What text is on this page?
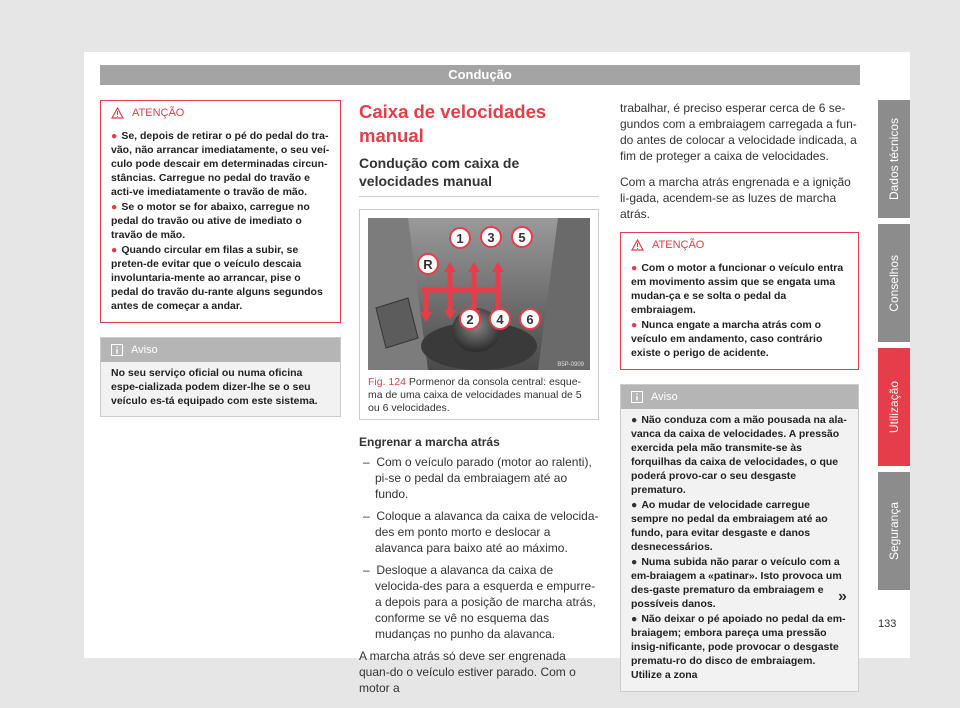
Condução
ATENÇÃO

● Se, depois de retirar o pé do pedal do tra-vão, não arrancar imediatamente, o seu veí-culo pode descair em determinadas circun-stâncias. Carregue no pedal do travão e acti-ve imediatamente o travão de mão.

● Se o motor se for abaixo, carregue no pedal do travão ou ative de imediato o travão de mão.

● Quando circular em filas a subir, se preten-de evitar que o veículo descaia involuntaria-mente ao arrancar, pise o pedal do travão du-rante alguns segundos antes de começar a andar.

Aviso

No seu serviço oficial ou numa oficina espe-cializada podem dizer-lhe se o seu veículo es-tá equipado com este sistema.

Caixa de velocidades manual
Condução com caixa de velocidades manual
1 3 5
R
2 4 6
B5P-0909
Fig. 124 Pormenor da consola central: esque-ma de uma caixa de velocidades manual de 5 ou 6 velocidades.

Engrenar a marcha atrás

–  Com o veículo parado (motor ao ralenti), pi-se o pedal da embraiagem até ao fundo.

–  Coloque a alavanca da caixa de velocida-des em ponto morto e deslocar a alavanca para baixo até ao máximo.

–  Desloque a alavanca da caixa de velocida-des para a esquerda e empurre-a depois para a posição de marcha atrás, conforme se vê no esquema das mudanças no punho da alavanca.

A marcha atrás só deve ser engrenada quan-do o veículo estiver parado. Com o motor a

trabalhar, é preciso esperar cerca de 6 se-gundos com a embraiagem carregada a fun-do antes de colocar a velocidade indicada, a fim de proteger a caixa de velocidades.

Com a marcha atrás engrenada e a ignição li-gada, acendem-se as luzes de marcha atrás.

ATENÇÃO

● Com o motor a funcionar o veículo entra em movimento assim que se engata uma mudan-ça e se solta o pedal da embraiagem.

● Nunca engate a marcha atrás com o veículo em andamento, caso contrário existe o perigo de acidente.

Aviso

● Não conduza com a mão pousada na ala-vanca da caixa de velocidades. A pressão exercida pela mão transmite-se às forquilhas da caixa de velocidades, o que poderá provo-car o seu desgaste prematuro.

● Ao mudar de velocidade carregue sempre no pedal da embraiagem até ao fundo, para evitar desgaste e danos desnecessários.

● Numa subida não parar o veículo com a em-braiagem a «patinar». Isto provoca um des-gaste prematuro da embraiagem e possíveis danos.

● Não deixar o pé apoiado no pedal da em-braiagem; embora pareça uma pressão insig-nificante, pode provocar o desgaste prematu-ro do disco de embraiagem. Utilize a zona

»
Dados técnicos
Conselhos
Utilização
Segurança
133
